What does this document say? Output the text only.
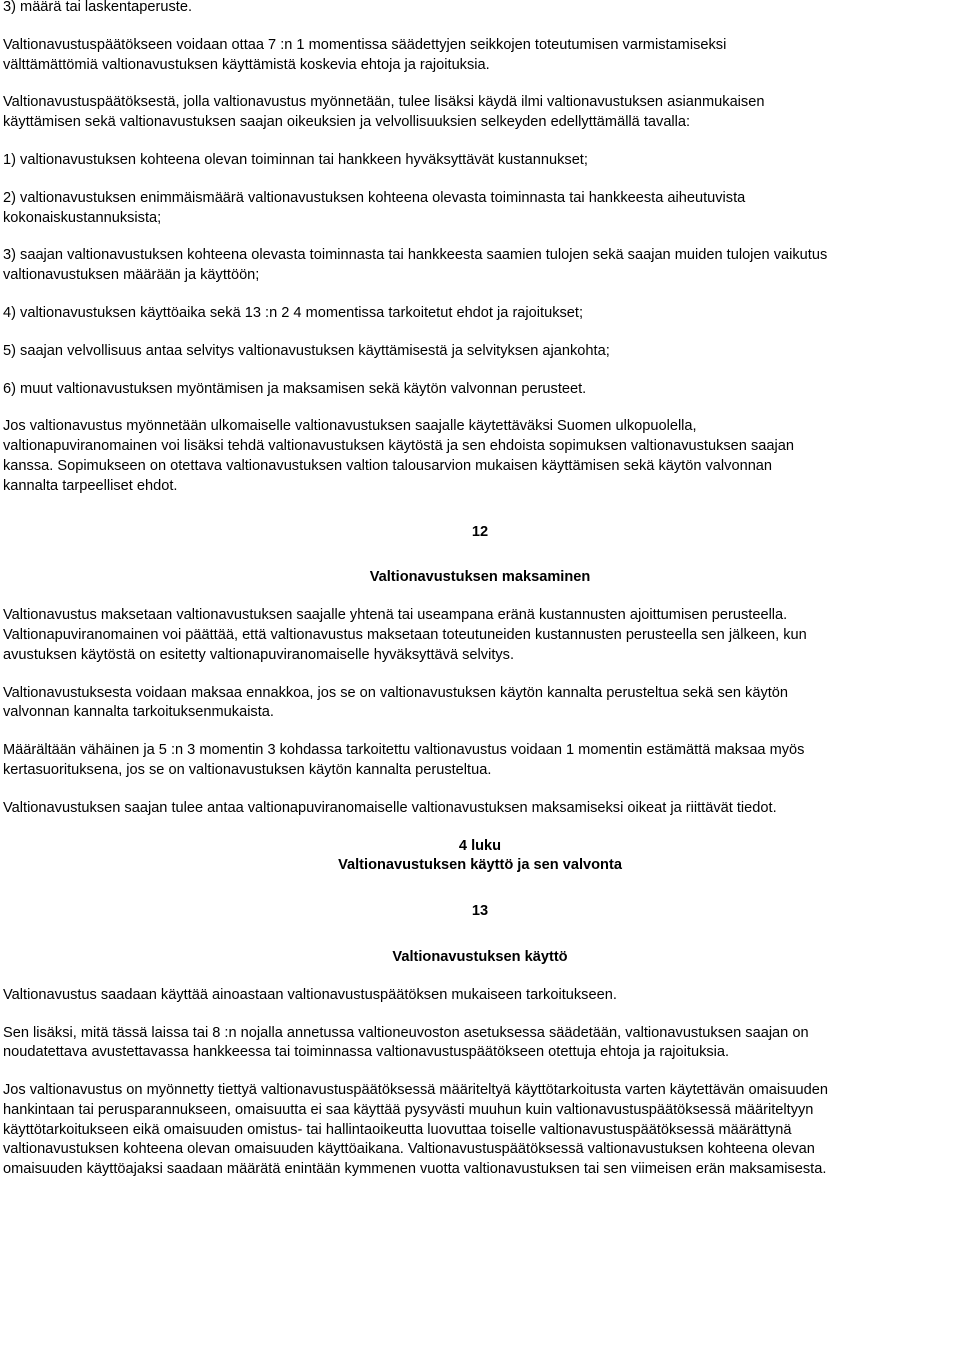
3) määrä tai laskentaperuste.

Valtionavustuspäätökseen voidaan ottaa 7 :n 1 momentissa säädettyjen seikkojen toteutumisen varmistamiseksi

välttämättömiä valtionavustuksen käyttämistä koskevia ehtoja ja rajoituksia.

Valtionavustuspäätöksestä, jolla valtionavustus myönnetään, tulee lisäksi käydä ilmi valtionavustuksen asianmukaisen

käyttämisen sekä valtionavustuksen saajan oikeuksien ja velvollisuuksien selkeyden edellyttämällä tavalla:

1) valtionavustuksen kohteena olevan toiminnan tai hankkeen hyväksyttävät kustannukset;

2) valtionavustuksen enimmäismäärä valtionavustuksen kohteena olevasta toiminnasta tai hankkeesta aiheutuvista

kokonaiskustannuksista;

3) saajan valtionavustuksen kohteena olevasta toiminnasta tai hankkeesta saamien tulojen sekä saajan muiden tulojen vaikutus

valtionavustuksen määrään ja käyttöön;

4) valtionavustuksen käyttöaika sekä 13 :n 2 4 momentissa tarkoitetut ehdot ja rajoitukset;

5) saajan velvollisuus antaa selvitys valtionavustuksen käyttämisestä ja selvityksen ajankohta;

6) muut valtionavustuksen myöntämisen ja maksamisen sekä käytön valvonnan perusteet.

Jos valtionavustus myönnetään ulkomaiselle valtionavustuksen saajalle käytettäväksi Suomen ulkopuolella,

valtionapuviranomainen voi lisäksi tehdä valtionavustuksen käytöstä ja sen ehdoista sopimuksen valtionavustuksen saajan

kanssa. Sopimukseen on otettava valtionavustuksen valtion talousarvion mukaisen käyttämisen sekä käytön valvonnan

kannalta tarpeelliset ehdot.

12

Valtionavustuksen maksaminen

Valtionavustus maksetaan valtionavustuksen saajalle yhtenä tai useampana eränä kustannusten ajoittumisen perusteella.

Valtionapuviranomainen voi päättää, että valtionavustus maksetaan toteutuneiden kustannusten perusteella sen jälkeen, kun

avustuksen käytöstä on esitetty valtionapuviranomaiselle hyväksyttävä selvitys.

Valtionavustuksesta voidaan maksaa ennakkoa, jos se on valtionavustuksen käytön kannalta perusteltua sekä sen käytön

valvonnan kannalta tarkoituksenmukaista.

Määrältään vähäinen ja 5 :n 3 momentin 3 kohdassa tarkoitettu valtionavustus voidaan 1 momentin estämättä maksaa myös

kertasuorituksena, jos se on valtionavustuksen käytön kannalta perusteltua.

Valtionavustuksen saajan tulee antaa valtionapuviranomaiselle valtionavustuksen maksamiseksi oikeat ja riittävät tiedot.

4 luku

Valtionavustuksen käyttö ja sen valvonta

13

Valtionavustuksen käyttö

Valtionavustus saadaan käyttää ainoastaan valtionavustuspäätöksen mukaiseen tarkoitukseen.

Sen lisäksi, mitä tässä laissa tai 8 :n nojalla annetussa valtioneuvoston asetuksessa säädetään, valtionavustuksen saajan on

noudatettava avustettavassa hankkeessa tai toiminnassa valtionavustuspäätökseen otettuja ehtoja ja rajoituksia.

Jos valtionavustus on myönnetty tiettyä valtionavustuspäätöksessä määriteltyä käyttötarkoitusta varten käytettävän omaisuuden

hankintaan tai perusparannukseen, omaisuutta ei saa käyttää pysyvästi muuhun kuin valtionavustuspäätöksessä määriteltyyn

käyttötarkoitukseen eikä omaisuuden omistus- tai hallintaoikeutta luovuttaa toiselle valtionavustuspäätöksessä määrättynä

valtionavustuksen kohteena olevan omaisuuden käyttöaikana. Valtionavustuspäätöksessä valtionavustuksen kohteena olevan

omaisuuden käyttöajaksi saadaan määrätä enintään kymmenen vuotta valtionavustuksen tai sen viimeisen erän maksamisesta.
